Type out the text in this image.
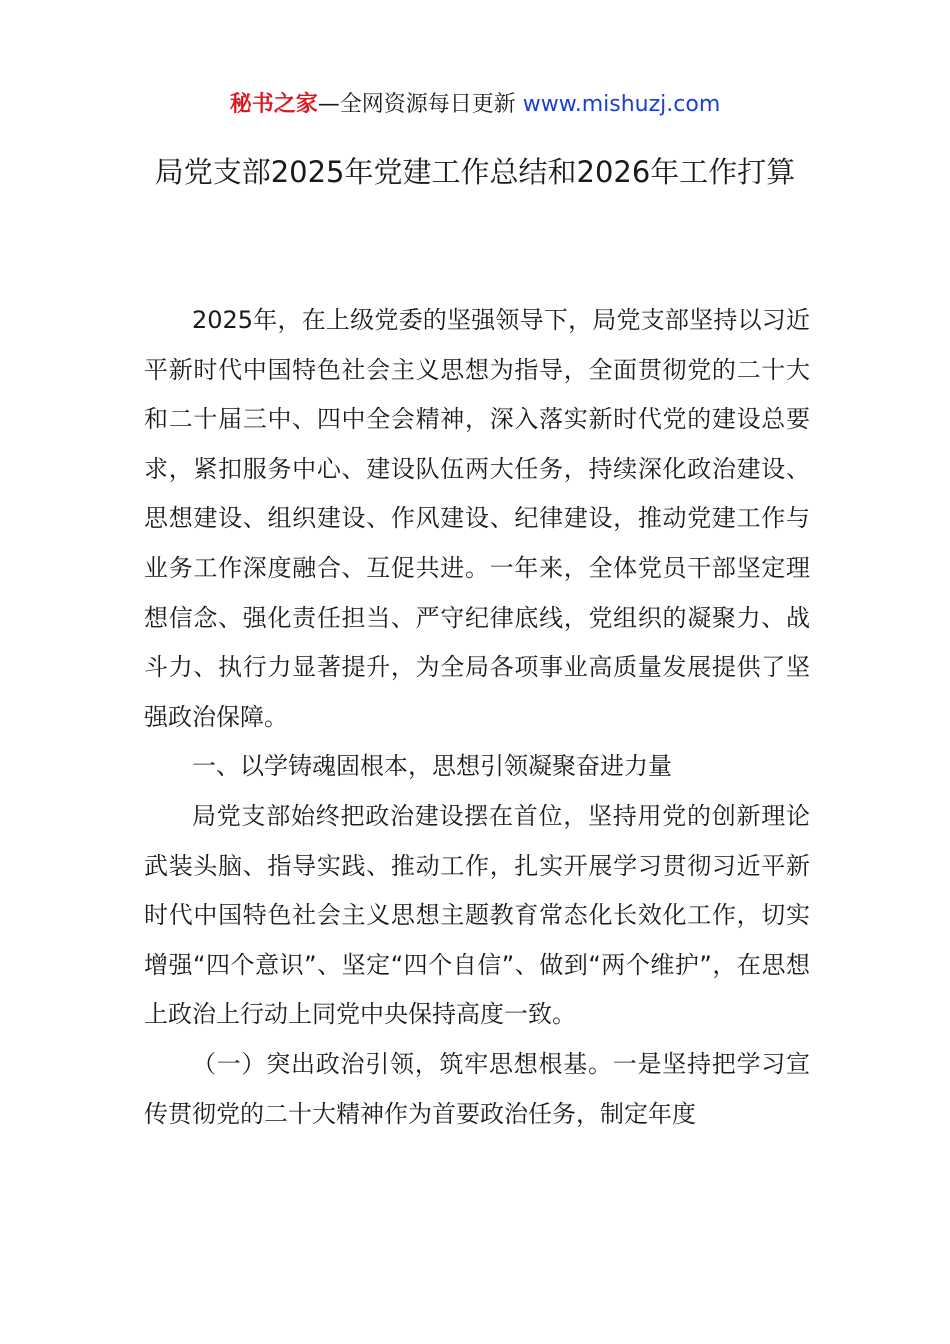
秘书之家—全网资源每日更新 www.mishuzj.com
局党支部2025年党建工作总结和2026年工作打算

2025年，在上级党委的坚强领导下，局党支部坚持以习近平新时代中国特色社会主义思想为指导，全面贯彻党的二十大和二十届三中、四中全会精神，深入落实新时代党的建设总要求，紧扣服务中心、建设队伍两大任务，持续深化政治建设、思想建设、组织建设、作风建设、纪律建设，推动党建工作与业务工作深度融合、互促共进。一年来，全体党员干部坚定理想信念、强化责任担当、严守纪律底线，党组织的凝聚力、战斗力、执行力显著提升，为全局各项事业高质量发展提供了坚强政治保障。

一、以学铸魂固根本，思想引领凝聚奋进力量

局党支部始终把政治建设摆在首位，坚持用党的创新理论武装头脑、指导实践、推动工作，扎实开展学习贯彻习近平新时代中国特色社会主义思想主题教育常态化长效化工作，切实增强“四个意识”、坚定“四个自信”、做到“两个维护”，在思想上政治上行动上同党中央保持高度一致。

（一）突出政治引领，筑牢思想根基。一是坚持把学习宣传贯彻党的二十大精神作为首要政治任务，制定年度
